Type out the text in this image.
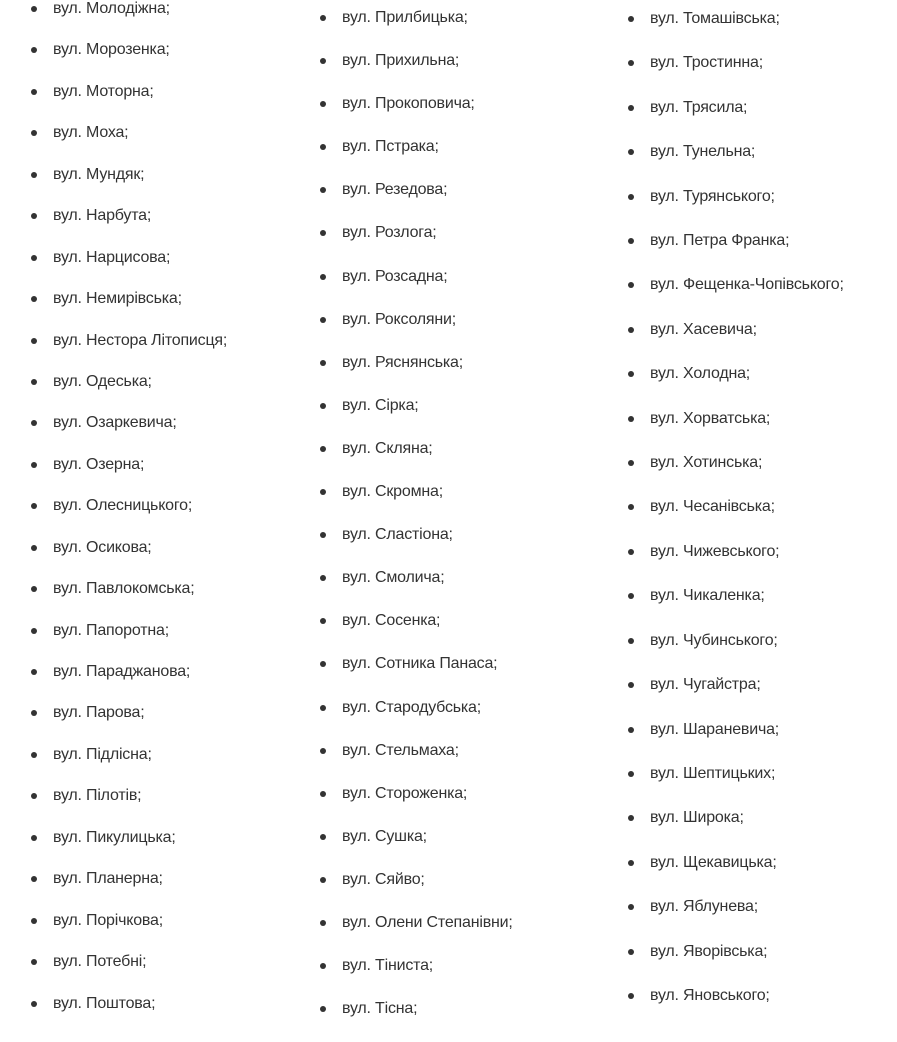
вул. Молодіжна;
вул. Морозенка;
вул. Моторна;
вул. Моха;
вул. Мундяк;
вул. Нарбута;
вул. Нарцисова;
вул. Немирівська;
вул. Нестора Літописця;
вул. Одеська;
вул. Озаркевича;
вул. Озерна;
вул. Олесницького;
вул. Осикова;
вул. Павлокомська;
вул. Папоротна;
вул. Параджанова;
вул. Парова;
вул. Підлісна;
вул. Пілотів;
вул. Пикулицька;
вул. Планерна;
вул. Порічкова;
вул. Потебні;
вул. Поштова;
вул. Прилбицька;
вул. Прихильна;
вул. Прокоповича;
вул. Пстрака;
вул. Резедова;
вул. Розлога;
вул. Розсадна;
вул. Роксоляни;
вул. Ряснянська;
вул. Сірка;
вул. Скляна;
вул. Скромна;
вул. Сластіона;
вул. Смолича;
вул. Сосенка;
вул. Сотника Панаса;
вул. Стародубська;
вул. Стельмаха;
вул. Стороженка;
вул. Сушка;
вул. Сяйво;
вул. Олени Степанівни;
вул. Тіниста;
вул. Тісна;
вул. Томашівська;
вул. Тростинна;
вул. Трясила;
вул. Тунельна;
вул. Турянського;
вул. Петра Франка;
вул. Фещенка-Чопівського;
вул. Хасевича;
вул. Холодна;
вул. Хорватська;
вул. Хотинська;
вул. Чесанівська;
вул. Чижевського;
вул. Чикаленка;
вул. Чубинського;
вул. Чугайстра;
вул. Шараневича;
вул. Шептицьких;
вул. Широка;
вул. Щекавицька;
вул. Яблунева;
вул. Яворівська;
вул. Яновського;
